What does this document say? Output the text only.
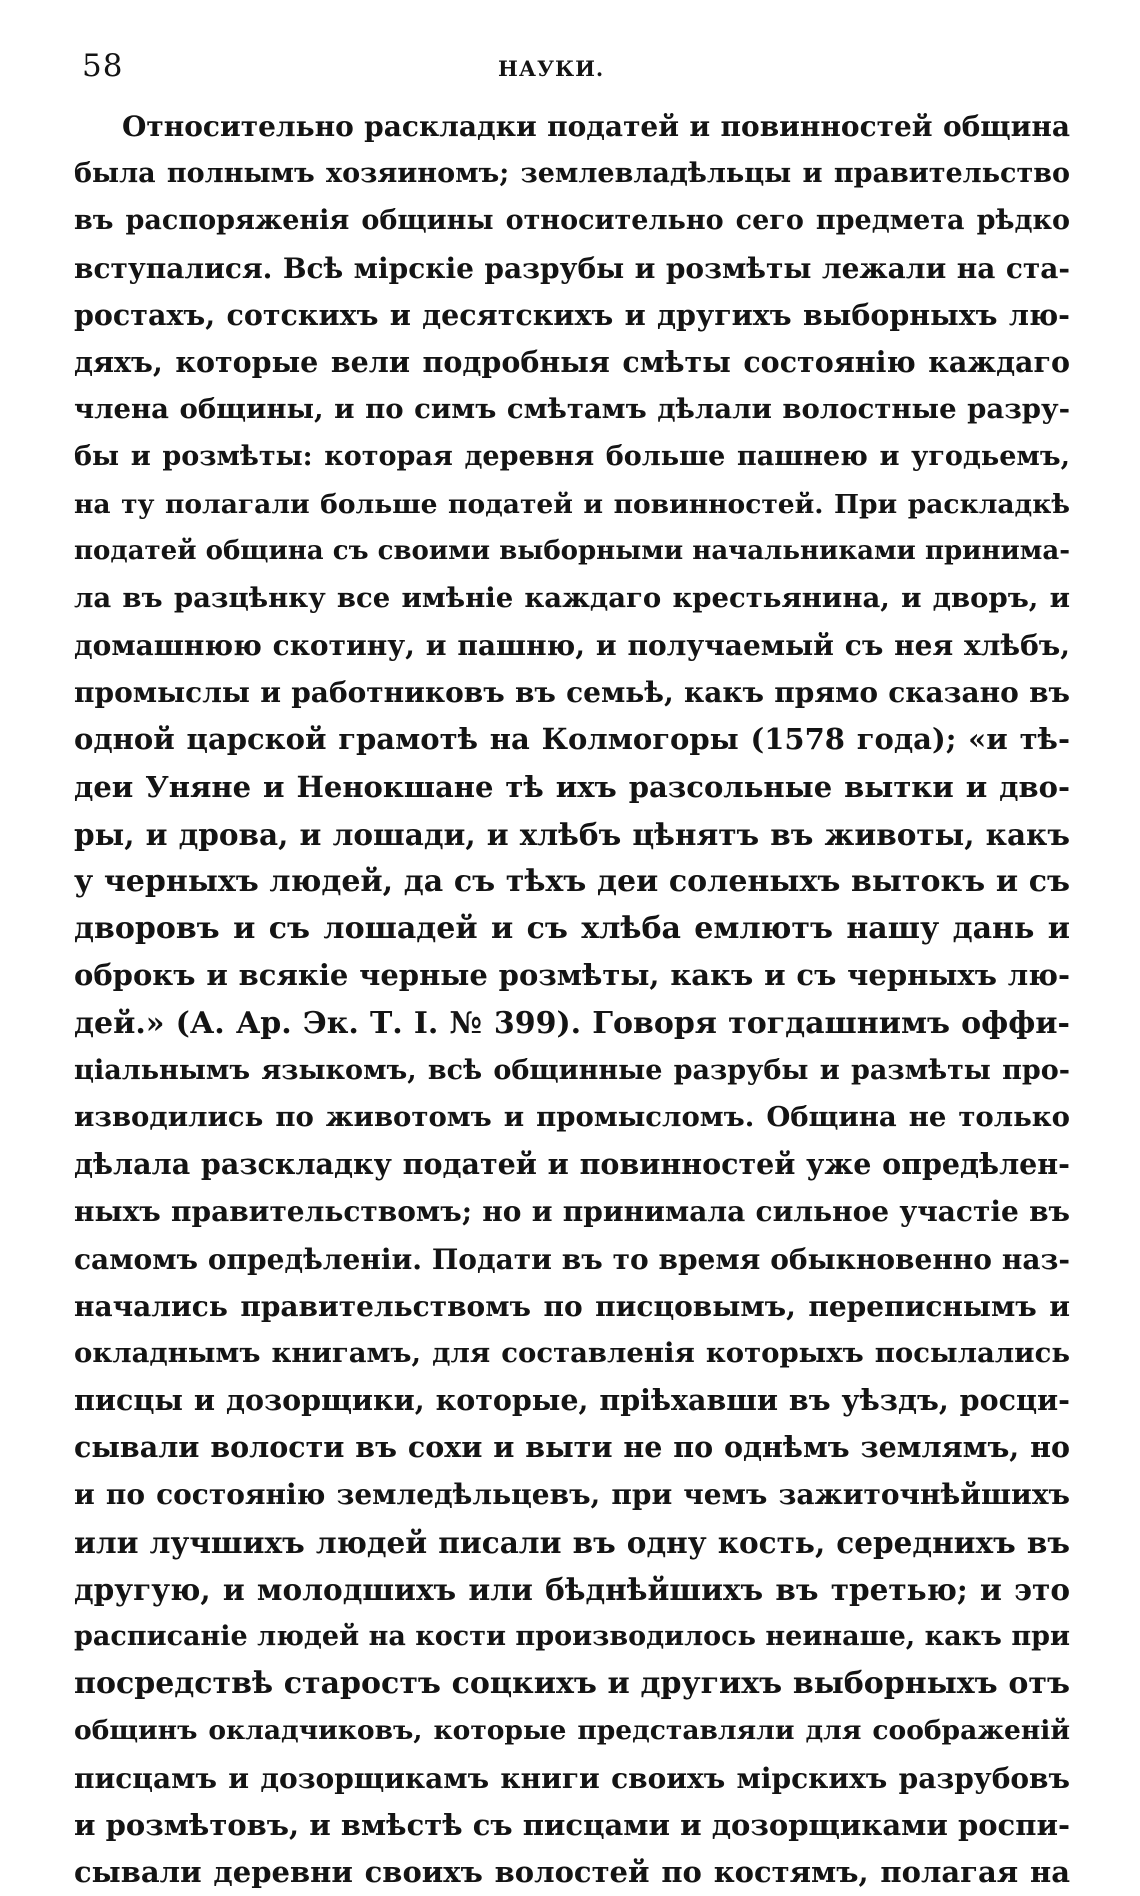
58	НАУКИ.
Относительно раскладки податей и повинностей община
была полнымъ хозяиномъ; землевладѣльцы и правительство
въ распоряженія общины относительно сего предмета рѣдко
вступалися. Всѣ мірскіе разрубы и розмѣты лежали на ста-
ростахъ, сотскихъ и десятскихъ и другихъ выборныхъ лю-
дяхъ, которые вели подробныя смѣты состоянію каждаго
члена общины, и по симъ смѣтамъ дѣлали волостные разру-
бы и розмѣты: которая деревня больше пашнею и угодьемъ,
на ту полагали больше податей и повинностей. При раскладкѣ
податей община съ своими выборными начальниками принима-
ла въ разцѣнку все имѣніе каждаго крестьянина, и дворъ, и
домашнюю скотину, и пашню, и получаемый съ нея хлѣбъ,
промыслы и работниковъ въ семьѣ, какъ прямо сказано въ
одной царской грамотѣ на Колмогоры (1578 года); «и тѣ-
деи Уняне и Ненокшане тѣ ихъ разсольные вытки и дво-
ры, и дрова, и лошади, и хлѣбъ цѣнятъ въ животы, какъ
у черныхъ людей, да съ тѣхъ деи соленыхъ вытокъ и съ
дворовъ и съ лошадей и съ хлѣба емлютъ нашу дань и
оброкъ и всякіе черные розмѣты, какъ и съ черныхъ лю-
дей.» (А. Ар. Эк. Т. I. № 399). Говоря тогдашнимъ оффи-
ціальнымъ языкомъ, всѣ общинные разрубы и размѣты про-
изводились по животомъ и промысломъ. Община не только
дѣлала разскладку податей и повинностей уже опредѣлен-
ныхъ правительствомъ; но и принимала сильное участіе въ
самомъ опредѣленіи. Подати въ то время обыкновенно наз-
начались правительствомъ по писцовымъ, переписнымъ и
окладнымъ книгамъ, для составленія которыхъ посылались
писцы и дозорщики, которые, пріѣхавши въ уѣздъ, росци-
сывали волости въ сохи и выти не по однѣмъ землямъ, но
и по состоянію земледѣльцевъ, при чемъ зажиточнѣйшихъ
или лучшихъ людей писали въ одну кость, середнихъ въ
другую, и молодшихъ или бѣднѣйшихъ въ третью; и это
расписаніе людей на кости производилось неинаше, какъ при
посредствѣ старостъ соцкихъ и другихъ выборныхъ отъ
общинъ окладчиковъ, которые представляли для соображеній
писцамъ и дозорщикамъ книги своихъ мірскихъ разрубовъ
и розмѣтовъ, и вмѣстѣ съ писцами и дозорщиками роспи-
сывали деревни своихъ волостей по костямъ, полагая на
